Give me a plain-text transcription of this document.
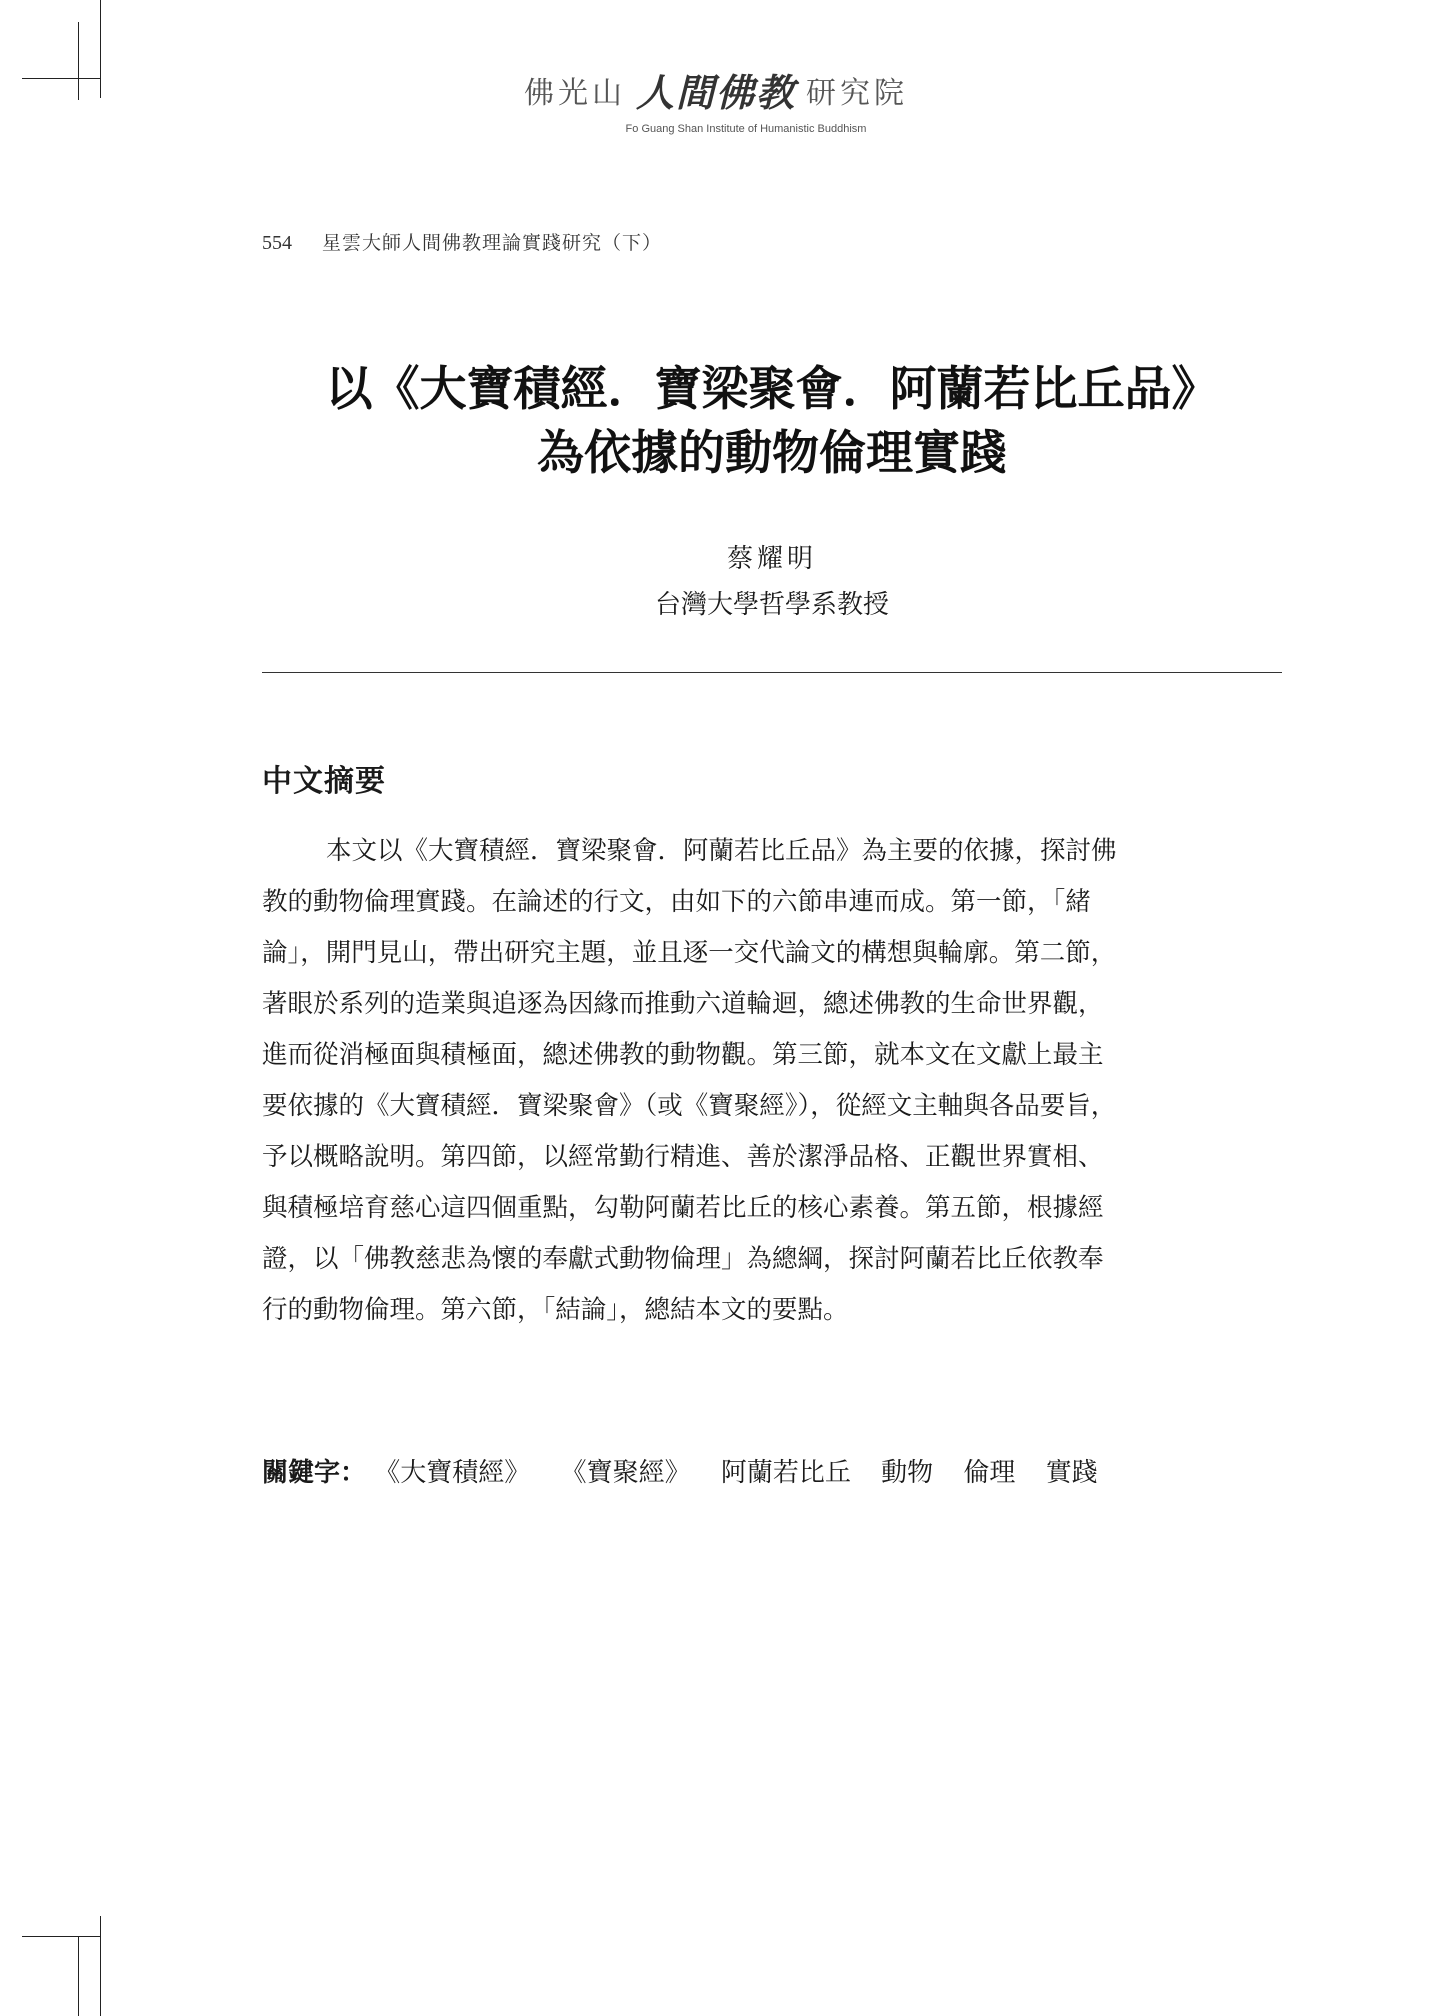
佛光山 人間佛教 研究院
Fo Guang Shan Institute of Humanistic Buddhism
554 星雲大師人間佛教理論實踐研究（下）
以《大寶積經．寶梁聚會．阿蘭若比丘品》
為依據的動物倫理實踐
蔡耀明
台灣大學哲學系教授
中文摘要
本文以《大寶積經．寶梁聚會．阿蘭若比丘品》為主要的依據，探討佛
教的動物倫理實踐。在論述的行文，由如下的六節串連而成。第一節，「緒
論」，開門見山，帶出研究主題，並且逐一交代論文的構想與輪廓。第二節，
著眼於系列的造業與追逐為因緣而推動六道輪迴，總述佛教的生命世界觀，
進而從消極面與積極面，總述佛教的動物觀。第三節，就本文在文獻上最主
要依據的《大寶積經．寶梁聚會》（或《寶聚經》），從經文主軸與各品要旨，
予以概略說明。第四節，以經常勤行精進、善於潔淨品格、正觀世界實相、
與積極培育慈心這四個重點，勾勒阿蘭若比丘的核心素養。第五節，根據經
證，以「佛教慈悲為懷的奉獻式動物倫理」為總綱，探討阿蘭若比丘依教奉
行的動物倫理。第六節，「結論」，總結本文的要點。
關鍵字： 《大寶積經》 《寶聚經》 阿蘭若比丘 動物 倫理 實踐
